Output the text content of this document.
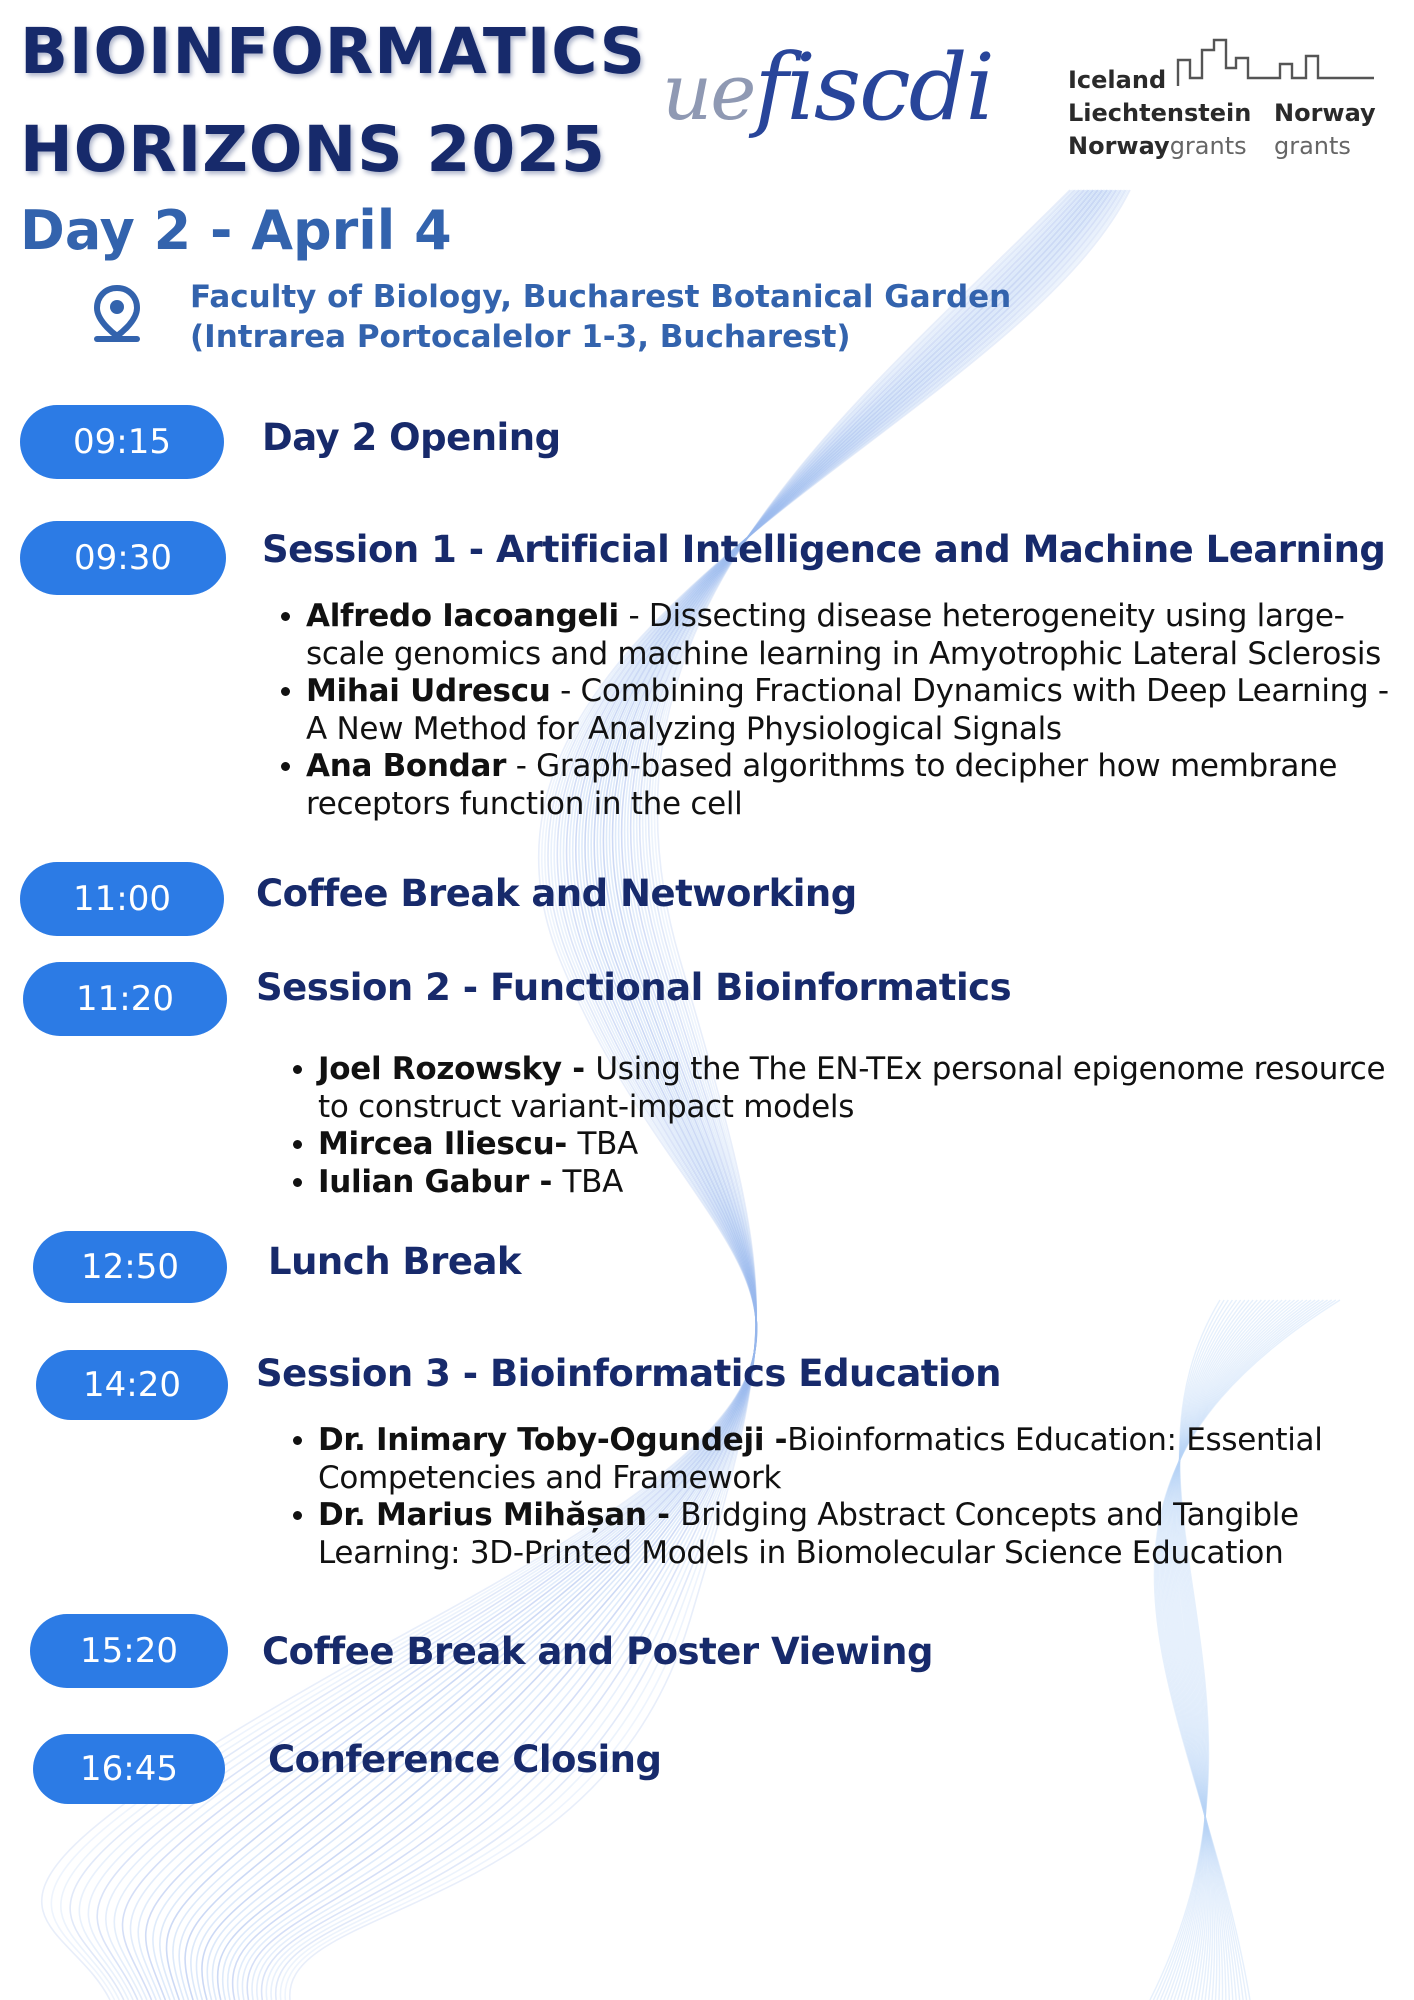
BIOINFORMATICS
HORIZONS 2025
Day 2 - April 4
Faculty of Biology, Bucharest Botanical Garden
(Intrarea Portocalelor 1-3, Bucharest)
uefiscdi	Iceland
Liechtenstein
Norwaygrants
Norway
grants
09:15	Day 2 Opening
09:30	Session 1 - Artificial Intelligence and Machine Learning
• Alfredo Iacoangeli - Dissecting disease heterogeneity using large-scale genomics and machine learning in Amyotrophic Lateral Sclerosis
• Mihai Udrescu - Combining Fractional Dynamics with Deep Learning - A New Method for Analyzing Physiological Signals
• Ana Bondar - Graph-based algorithms to decipher how membrane receptors function in the cell
11:00	Coffee Break and Networking
11:20	Session 2 - Functional Bioinformatics
• Joel Rozowsky - Using the The EN-TEx personal epigenome resource to construct variant-impact models
• Mircea Iliescu- TBA
• Iulian Gabur - TBA
12:50	Lunch Break
14:20	Session 3 - Bioinformatics Education
• Dr. Inimary Toby-Ogundeji -Bioinformatics Education: Essential Competencies and Framework
• Dr. Marius Mihășan - Bridging Abstract Concepts and Tangible Learning: 3D-Printed Models in Biomolecular Science Education
15:20	Coffee Break and Poster Viewing
16:45	Conference Closing
